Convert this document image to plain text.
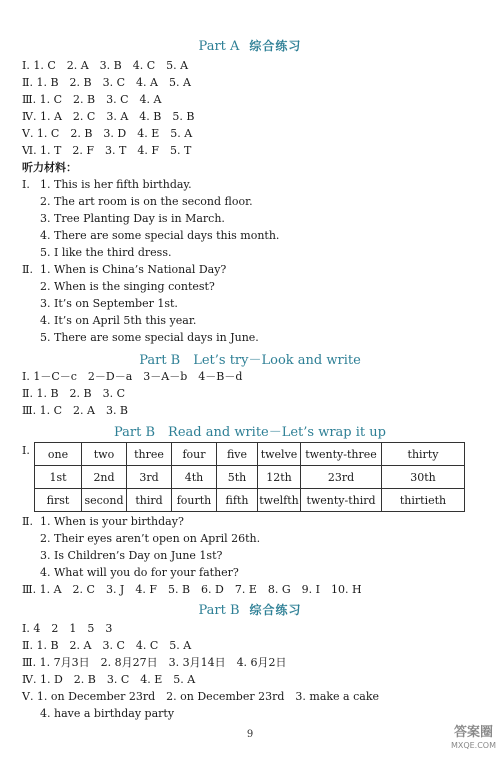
Part A 综合练习
Ⅰ. 1. C　2. A　3. B　4. C　5. A
Ⅱ. 1. B　2. B　3. C　4. A　5. A
Ⅲ. 1. C　2. B　3. C　4. A
Ⅳ. 1. A　2. C　3. A　4. B　5. B
Ⅴ. 1. C　2. B　3. D　4. E　5. A
Ⅵ. 1. T　2. F　3. T　4. F　5. T
听力材料：
Ⅰ. 1. This is her fifth birthday.
2. The art room is on the second floor.
3. Tree Planting Day is in March.
4. There are some special days this month.
5. I like the third dress.
Ⅱ. 1. When is China’s National Day?
2. When is the singing contest?
3. It’s on September 1st.
4. It’s on April 5th this year.
5. There are some special days in June.
Part B　Let’s try－Look and write
Ⅰ. 1－C－c　2－D－a　3－A－b　4－B－d
Ⅱ. 1. B　2. B　3. C
Ⅲ. 1. C　2. A　3. B
Part B　Read and write－Let’s wrap it up
Ⅰ. one	two	three	four	five	twelve	twenty-three	thirty
1st	2nd	3rd	4th	5th	12th	23rd	30th
first	second	third	fourth	fifth	twelfth	twenty-third	thirtieth
Ⅱ. 1. When is your birthday?
2. Their eyes aren’t open on April 26th.
3. Is Children’s Day on June 1st?
4. What will you do for your father?
Ⅲ. 1. A　2. C　3. J　4. F　5. B　6. D　7. E　8. G　9. I　10. H
Part B 综合练习
Ⅰ. 4　2　1　5　3
Ⅱ. 1. B　2. A　3. C　4. C　5. A
Ⅲ. 1. 7月3日　2. 8月27日　3. 3月14日　4. 6月2日
Ⅳ. 1. D　2. B　3. C　4. E　5. A
Ⅴ. 1. on December 23rd　2. on December 23rd　3. make a cake
4. have a birthday party
9	答案圈
MXQE.COM
